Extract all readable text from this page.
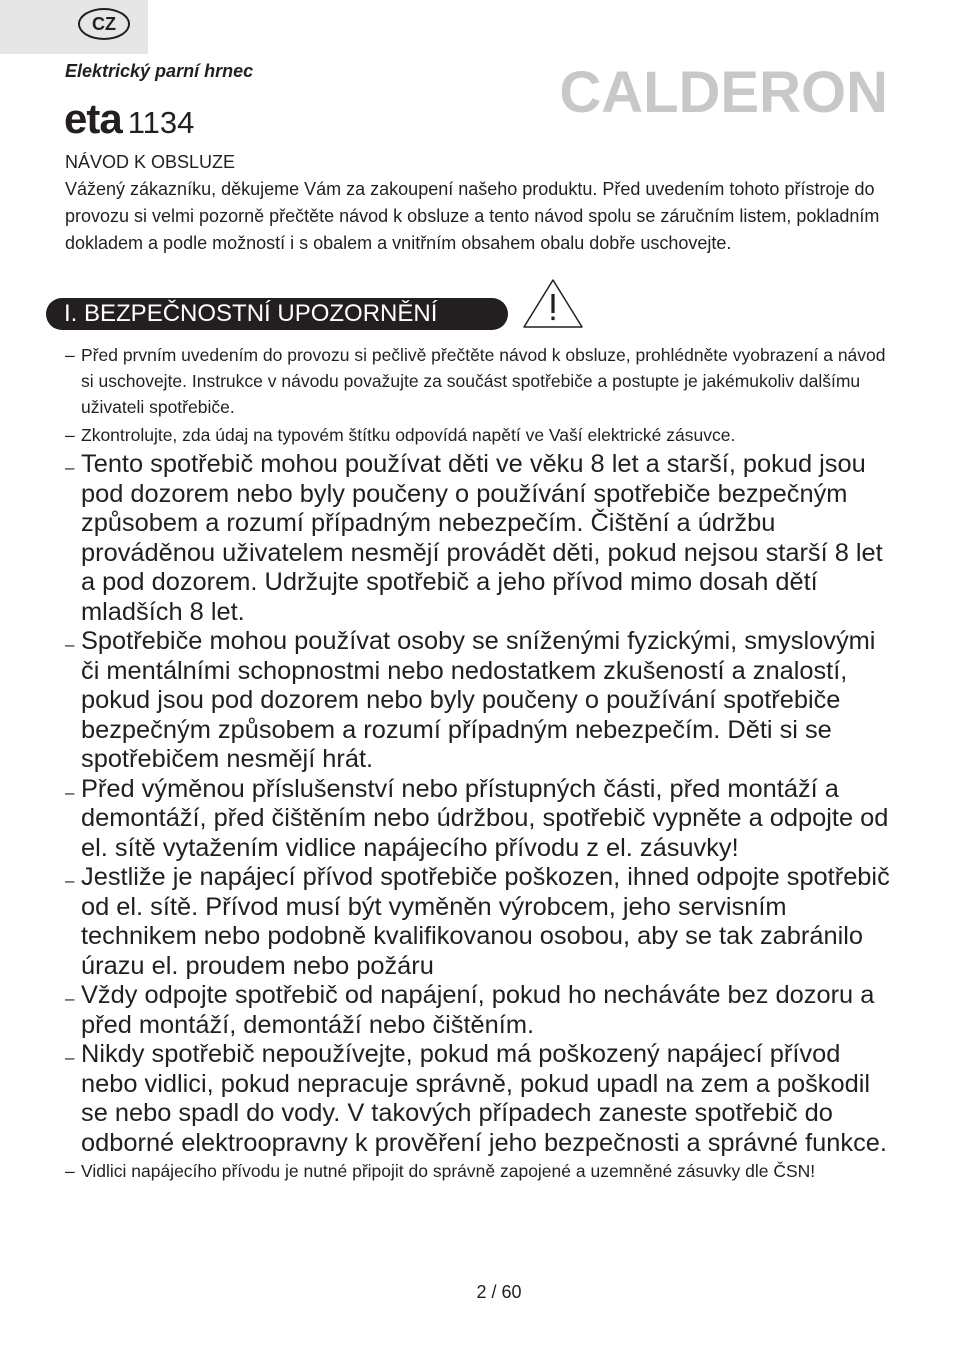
CZ
Elektrický parní hrnec
eta 1134	CALDERON
NÁVOD K OBSLUZE

Vážený zákazníku, děkujeme Vám za zakoupení našeho produktu. Před uvedením tohoto přístroje do provozu si velmi pozorně přečtěte návod k obsluze a tento návod spolu se záručním listem, pokladním dokladem a podle možností i s obalem a vnitřním obsahem obalu dobře uschovejte.

I. BEZPEČNOSTNÍ UPOZORNĚNÍ
– Před prvním uvedením do provozu si pečlivě přečtěte návod k obsluze, prohlédněte vyobrazení a návod si uschovejte. Instrukce v návodu považujte za součást spotřebiče a postupte je jakémukoliv dalšímu uživateli spotřebiče.
– Zkontrolujte, zda údaj na typovém štítku odpovídá napětí ve Vaší elektrické zásuvce.
– Tento spotřebič mohou používat děti ve věku 8 let a starší, pokud jsou pod dozorem nebo byly poučeny o používání spotřebiče bezpečným způsobem a rozumí případným nebezpečím. Čištění a údržbu prováděnou uživatelem nesmějí provádět děti, pokud nejsou starší 8 let a pod dozorem. Udržujte spotřebič a jeho přívod mimo dosah dětí mladších 8 let.
– Spotřebiče mohou používat osoby se sníženými fyzickými, smyslovými či mentálními schopnostmi nebo nedostatkem zkušeností a znalostí, pokud jsou pod dozorem nebo byly poučeny o používání spotřebiče bezpečným způsobem a rozumí případným nebezpečím. Děti si se spotřebičem nesmějí hrát.
– Před výměnou příslušenství nebo přístupných části, před montáží a demontáží, před čištěním nebo údržbou, spotřebič vypněte a odpojte od el. sítě vytažením vidlice napájecího přívodu z el. zásuvky!
– Jestliže je napájecí přívod spotřebiče poškozen, ihned odpojte spotřebič od el. sítě. Přívod musí být vyměněn výrobcem, jeho servisním technikem nebo podobně kvalifikovanou osobou, aby se tak zabránilo úrazu el. proudem nebo požáru
– Vždy odpojte spotřebič od napájení, pokud ho necháváte bez dozoru a před montáží, demontáží nebo čištěním.
– Nikdy spotřebič nepoužívejte, pokud má poškozený napájecí přívod nebo vidlici, pokud nepracuje správně, pokud upadl na zem a poškodil se nebo spadl do vody. V takových případech zaneste spotřebič do odborné elektroopravny k prověření jeho bezpečnosti a správné funkce.
– Vidlici napájecího přívodu je nutné připojit do správně zapojené a uzemněné zásuvky dle ČSN!
2 / 60
